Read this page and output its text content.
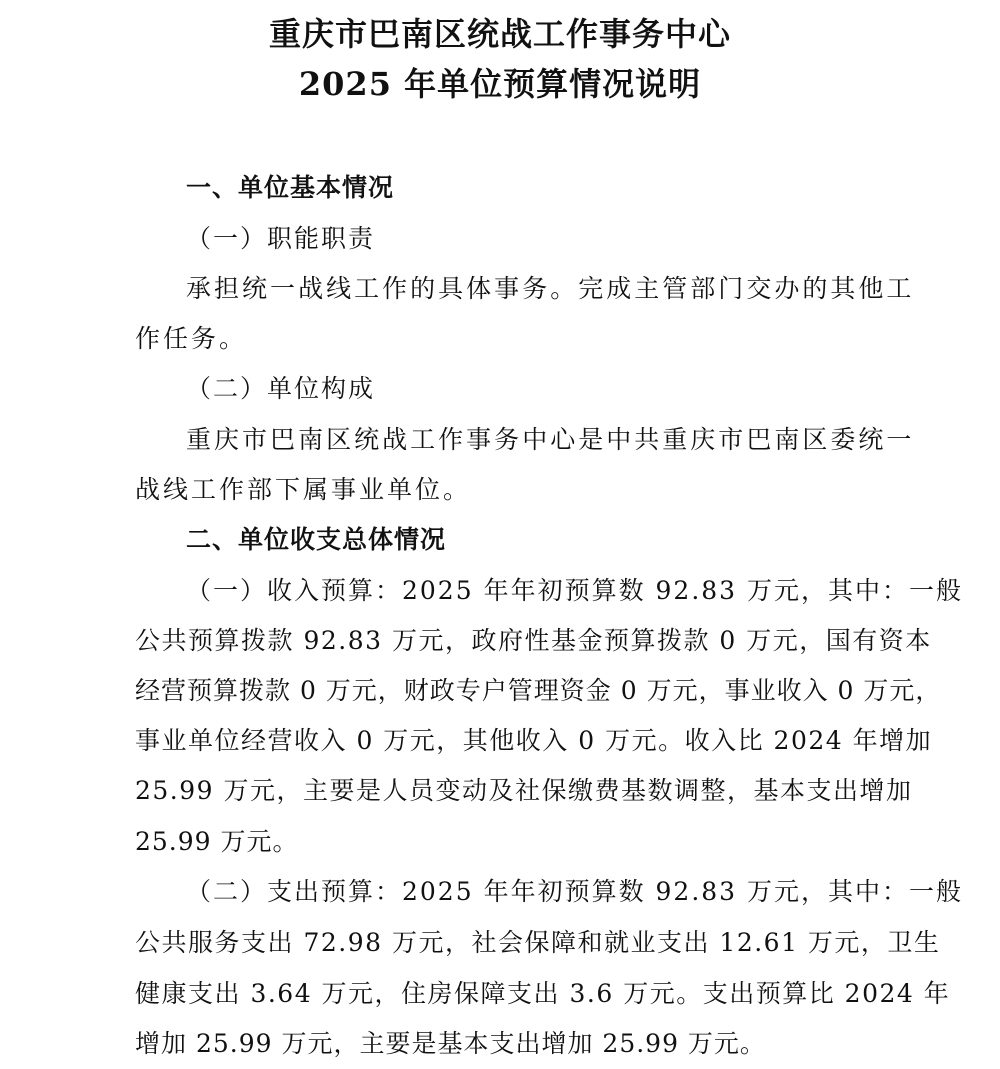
重庆市巴南区统战工作事务中心
2025 年单位预算情况说明
一、单位基本情况
（一）职能职责
承 担 统 一 战 线 工 作 的 具 体 事 务 。 完 成 主 管 部 门 交 办 的 其 他 工
作任务。
（二）单位构成
重 庆 市 巴 南 区 统 战 工 作 事 务 中 心 是 中 共 重 庆 市 巴 南 区 委 统 一
战线工作部下属事业单位。
二、单位收支总体情况
（一）收入预算：2025 年年初预算数 92.83 万元，其中：一般
公共预算拨款 92.83 万元，政府性基金预算拨款 0 万元，国有资本
经营预算拨款 0 万元，财政专户管理资金 0 万元，事业收入 0 万元，
事业单位经营收入 0 万元，其他收入 0 万元。收入比 2024 年增加
25.99 万元，主要是人员变动及社保缴费基数调整，基本支出增加
25.99 万元。
（二）支出预算：2025 年年初预算数 92.83 万元，其中：一般
公共服务支出 72.98 万元，社会保障和就业支出 12.61 万元，卫生
健康支出 3.64 万元，住房保障支出 3.6 万元。支出预算比 2024 年
增加 25.99 万元，主要是基本支出增加 25.99 万元。
